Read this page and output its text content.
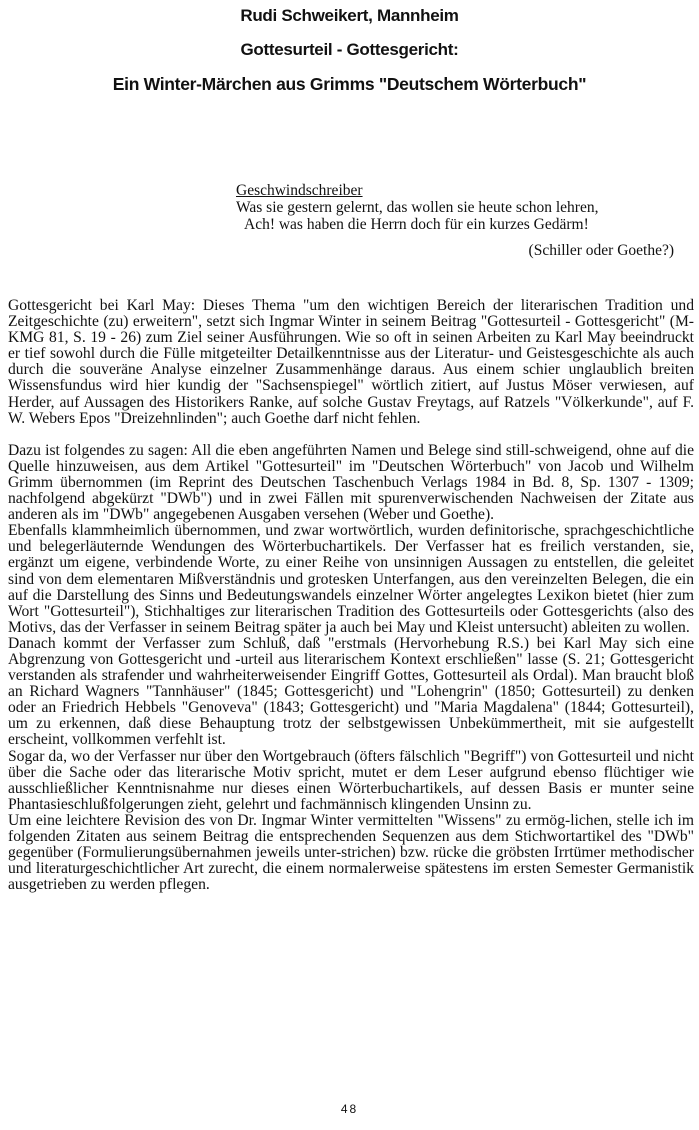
Rudi Schweikert, Mannheim
Gottesurteil - Gottesgericht:
Ein Winter-Märchen aus Grimms "Deutschem Wörterbuch"
Geschwindschreiber
Was sie gestern gelernt, das wollen sie heute schon lehren,
Ach! was haben die Herrn doch für ein kurzes Gedärm!
(Schiller oder Goethe?)

Gottesgericht bei Karl May: Dieses Thema "um den wichtigen Bereich der literarischen Tradition und Zeitgeschichte (zu) erweitern", setzt sich Ingmar Winter in seinem Beitrag "Gottesurteil - Gottesgericht" (M-KMG 81, S. 19 - 26) zum Ziel seiner Ausführungen. Wie so oft in seinen Arbeiten zu Karl May beeindruckt er tief sowohl durch die Fülle mitgeteilter Detailkenntnisse aus der Literatur- und Geistesgeschichte als auch durch die souveräne Analyse einzelner Zusammenhänge daraus. Aus einem schier unglaublich breiten Wissensfundus wird hier kundig der "Sachsenspiegel" wörtlich zitiert, auf Justus Möser verwiesen, auf Herder, auf Aussagen des Historikers Ranke, auf solche Gustav Freytags, auf Ratzels "Völkerkunde", auf F. W. Webers Epos "Dreizehnlinden"; auch Goethe darf nicht fehlen.

Dazu ist folgendes zu sagen: All die eben angeführten Namen und Belege sind still-schweigend, ohne auf die Quelle hinzuweisen, aus dem Artikel "Gottesurteil" im "Deutschen Wörterbuch" von Jacob und Wilhelm Grimm übernommen (im Reprint des Deutschen Taschenbuch Verlags 1984 in Bd. 8, Sp. 1307 - 1309; nachfolgend abgekürzt "DWb") und in zwei Fällen mit spurenverwischenden Nachweisen der Zitate aus anderen als im "DWb" angegebenen Ausgaben versehen (Weber und Goethe).

Ebenfalls klammheimlich übernommen, und zwar wortwörtlich, wurden definitorische, sprachgeschichtliche und belegerläuternde Wendungen des Wörterbuchartikels. Der Verfasser hat es freilich verstanden, sie, ergänzt um eigene, verbindende Worte, zu einer Reihe von unsinnigen Aussagen zu entstellen, die geleitet sind von dem elementaren Mißverständnis und grotesken Unterfangen, aus den vereinzelten Belegen, die ein auf die Darstellung des Sinns und Bedeutungswandels einzelner Wörter angelegtes Lexikon bietet (hier zum Wort "Gottesurteil"), Stichhaltiges zur literarischen Tradition des Gottesurteils oder Gottesgerichts (also des Motivs, das der Verfasser in seinem Beitrag später ja auch bei May und Kleist untersucht) ableiten zu wollen.

Danach kommt der Verfasser zum Schluß, daß "erstmals (Hervorhebung R.S.) bei Karl May sich eine Abgrenzung von Gottesgericht und -urteil aus literarischem Kontext erschließen" lasse (S. 21; Gottesgericht verstanden als strafender und wahrheiterweisender Eingriff Gottes, Gottesurteil als Ordal). Man braucht bloß an Richard Wagners "Tannhäuser" (1845; Gottesgericht) und "Lohengrin" (1850; Gottesurteil) zu denken oder an Friedrich Hebbels "Genoveva" (1843; Gottesgericht) und "Maria Magdalena" (1844; Gottesurteil), um zu erkennen, daß diese Behauptung trotz der selbstgewissen Unbekümmertheit, mit sie aufgestellt erscheint, vollkommen verfehlt ist.

Sogar da, wo der Verfasser nur über den Wortgebrauch (öfters fälschlich "Begriff") von Gottesurteil und nicht über die Sache oder das literarische Motiv spricht, mutet er dem Leser aufgrund ebenso flüchtiger wie ausschließlicher Kenntnisnahme nur dieses einen Wörterbuchartikels, auf dessen Basis er munter seine Phantasieschlußfolgerungen zieht, gelehrt und fachmännisch klingenden Unsinn zu.

Um eine leichtere Revision des von Dr. Ingmar Winter vermittelten "Wissens" zu ermög-lichen, stelle ich im folgenden Zitaten aus seinem Beitrag die entsprechenden Sequenzen aus dem Stichwortartikel des "DWb" gegenüber (Formulierungsübernahmen jeweils unter-strichen) bzw. rücke die gröbsten Irrtümer methodischer und literaturgeschichtlicher Art zurecht, die einem normalerweise spätestens im ersten Semester Germanistik ausgetrieben zu werden pflegen.

48
